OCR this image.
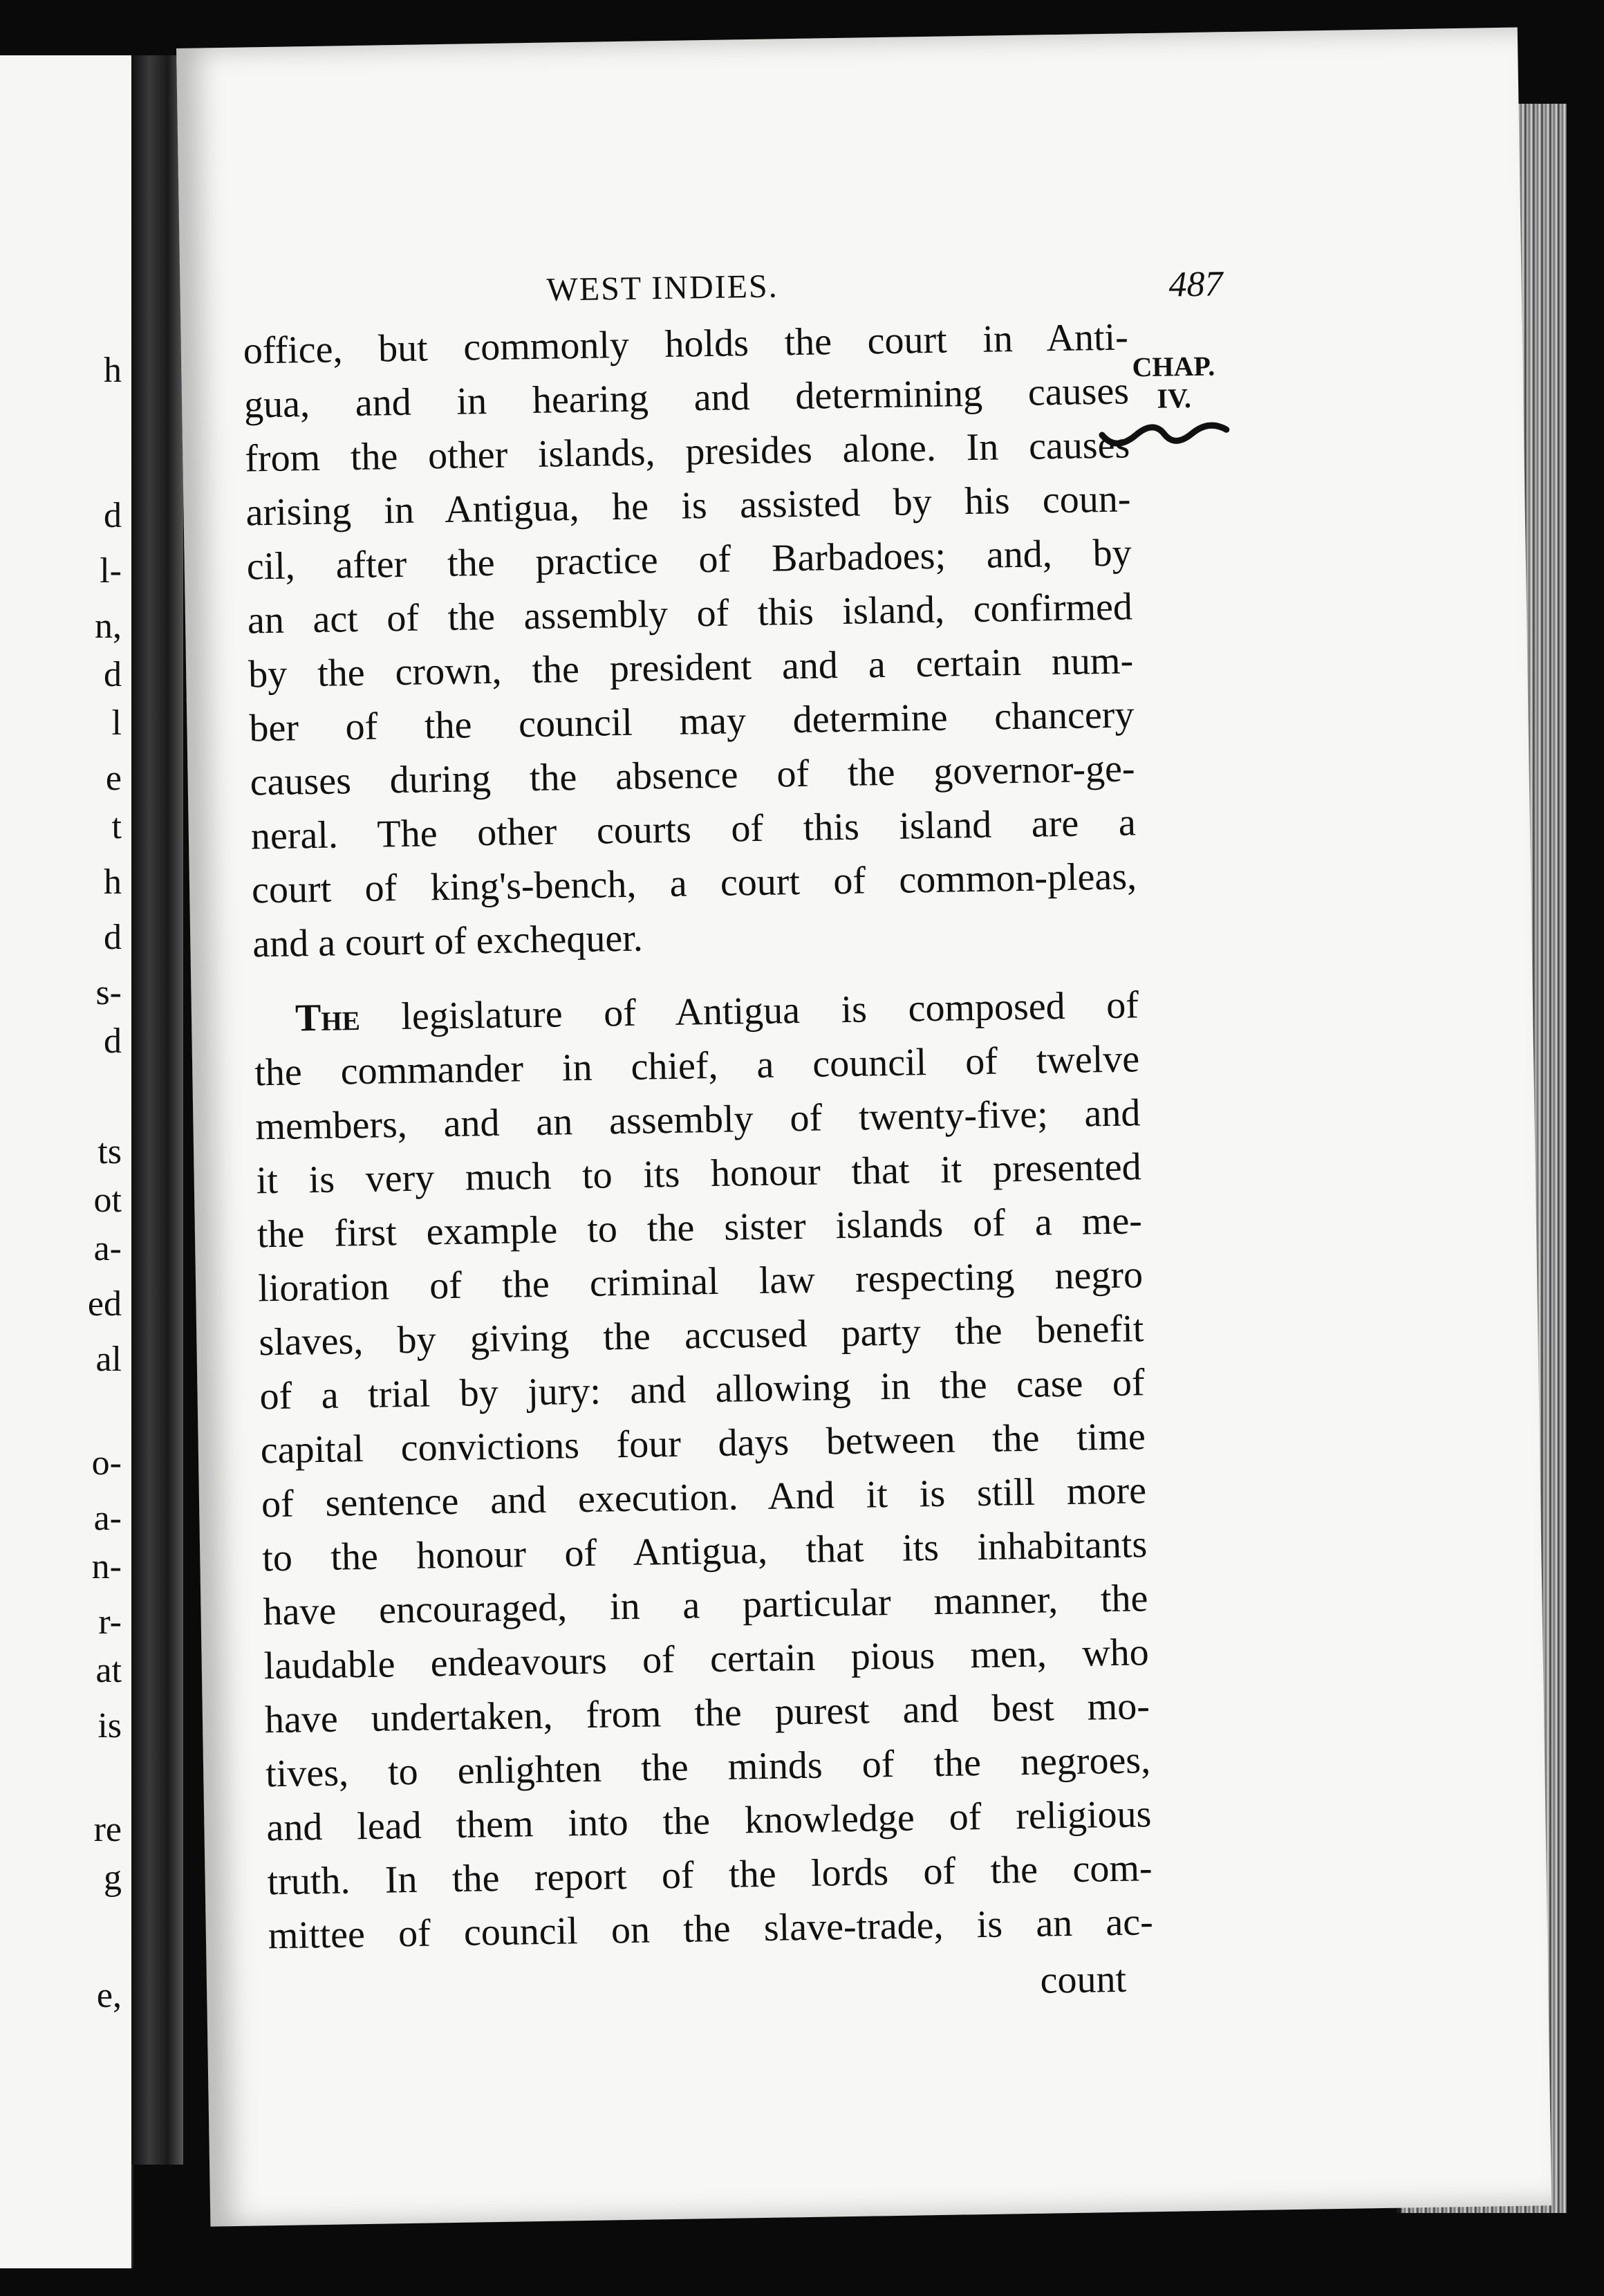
h
d
l-
n,
d
l
e
t
h
d
s-
d
ts
ot
a-
ed
al
o-
a-
n-
r-
at
is
re
g
e,
WEST INDIES.	487
CHAP.
IV.
office, but commonly holds the court in Anti-
gua, and in hearing and determining causes
from the other islands, presides alone. In causes
arising in Antigua, he is assisted by his coun-
cil, after the practice of Barbadoes; and, by
an act of the assembly of this island, confirmed
by the crown, the president and a certain num-
ber of the council may determine chancery
causes during the absence of the governor-ge-
neral. The other courts of this island are a
court of king's-bench, a court of common-pleas,
and a court of exchequer.
The legislature of Antigua is composed of
the commander in chief, a council of twelve
members, and an assembly of twenty-five; and
it is very much to its honour that it presented
the first example to the sister islands of a me-
lioration of the criminal law respecting negro
slaves, by giving the accused party the benefit
of a trial by jury: and allowing in the case of
capital convictions four days between the time
of sentence and execution. And it is still more
to the honour of Antigua, that its inhabitants
have encouraged, in a particular manner, the
laudable endeavours of certain pious men, who
have undertaken, from the purest and best mo-
tives, to enlighten the minds of the negroes,
and lead them into the knowledge of religious
truth. In the report of the lords of the com-
mittee of council on the slave-trade, is an ac-
count
